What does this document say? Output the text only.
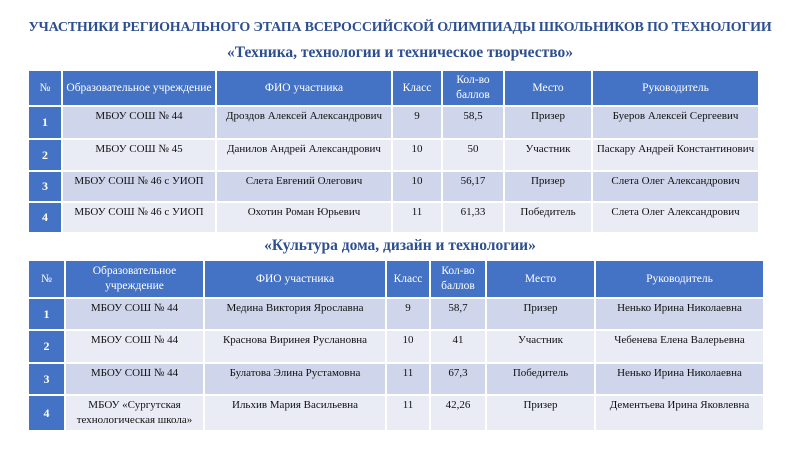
УЧАСТНИКИ РЕГИОНАЛЬНОГО ЭТАПА ВСЕРОССИЙСКОЙ ОЛИМПИАДЫ ШКОЛЬНИКОВ ПО ТЕХНОЛОГИИ
«Техника, технологии и техническое творчество»
№	Образовательное учреждение	ФИО участника	Класс	Кол-во баллов	Место	Руководитель
1	МБОУ СОШ № 44	Дроздов Алексей Александрович	9	58,5	Призер	Буеров Алексей Сергеевич
2	МБОУ СОШ № 45	Данилов Андрей Александрович	10	50	Участник	Паскару Андрей Константинович
3	МБОУ СОШ № 46 с УИОП	Слета Евгений Олегович	10	56,17	Призер	Слета Олег Александрович
4	МБОУ СОШ № 46 с УИОП	Охотин Роман Юрьевич	11	61,33	Победитель	Слета Олег Александрович
«Культура дома, дизайн и технологии»
№	Образовательное учреждение	ФИО участника	Класс	Кол-во баллов	Место	Руководитель
1	МБОУ СОШ № 44	Медина Виктория Ярославна	9	58,7	Призер	Ненько Ирина Николаевна
2	МБОУ СОШ № 44	Краснова Виринея Руслановна	10	41	Участник	Чебенева Елена Валерьевна
3	МБОУ СОШ № 44	Булатова Элина Рустамовна	11	67,3	Победитель	Ненько Ирина Николаевна
4	МБОУ «Сургутская технологическая школа»	Ильхив Мария Васильевна	11	42,26	Призер	Дементьева Ирина Яковлевна
